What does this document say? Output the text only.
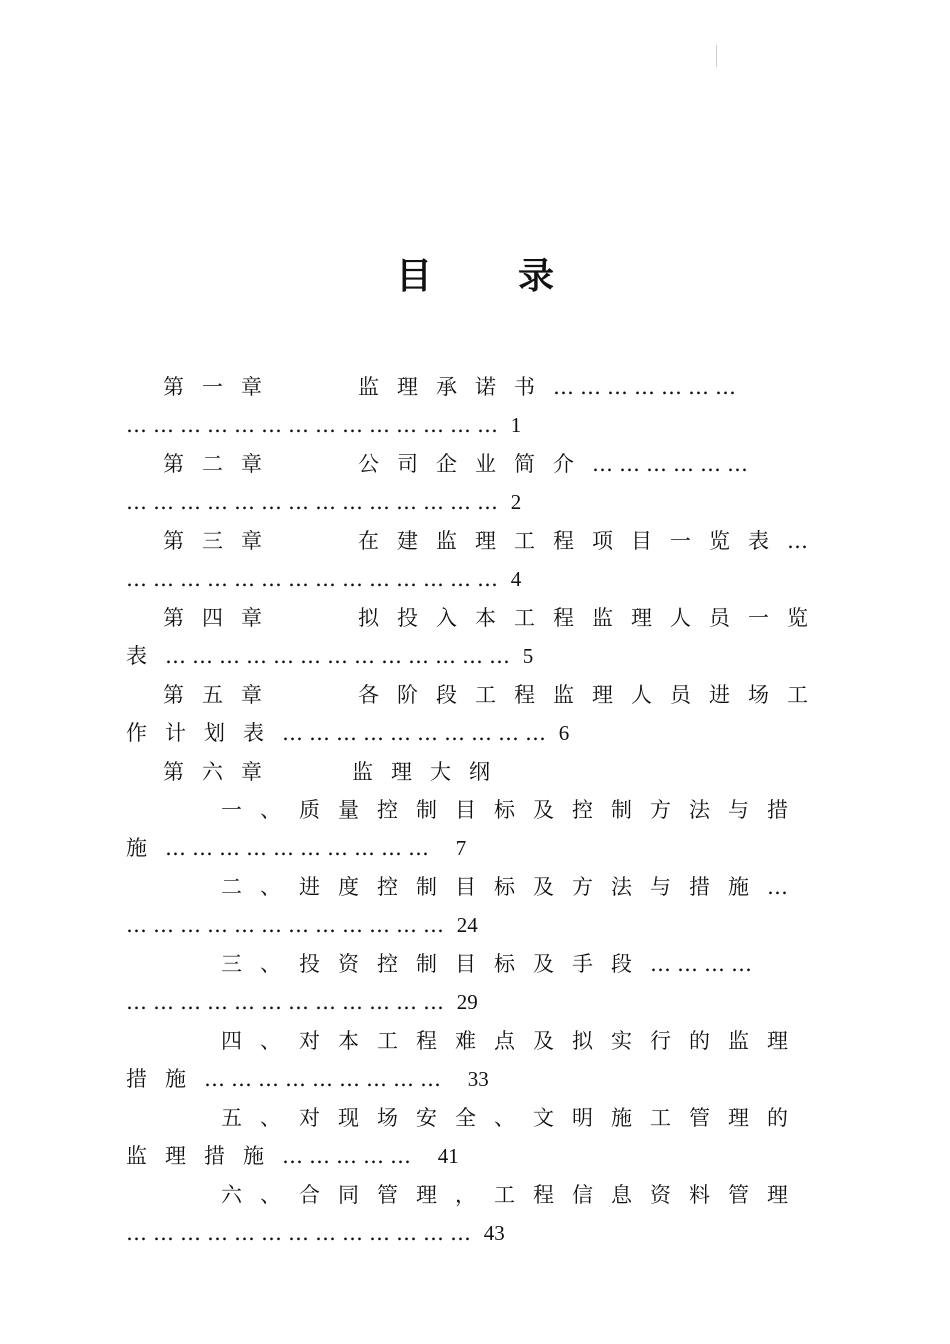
目 录
第一章	监理承诺书…………………
…………………………………… 1
第二章	公司企业简介………………
…………………………………… 2
第三章	在建监理工程项目一览表…
…………………………………… 4
第四章	拟投入本工程监理人员一览
表………………………………… 5
第五章	各阶段工程监理人员进场工
作计划表………………………… 6
第六章	监理大纲
一、质量控制目标及控制方法与措
施………………………… 7
二、进度控制目标及方法与措施…
……………………………… 24
三、投资控制目标及手段…………
……………………………… 29
四、对本工程难点及拟实行的监理
措施……………………… 33
五、对现场安全、文明施工管理的
监理措施…………… 41
六、合同管理，工程信息资料管理
………………………………… 43
